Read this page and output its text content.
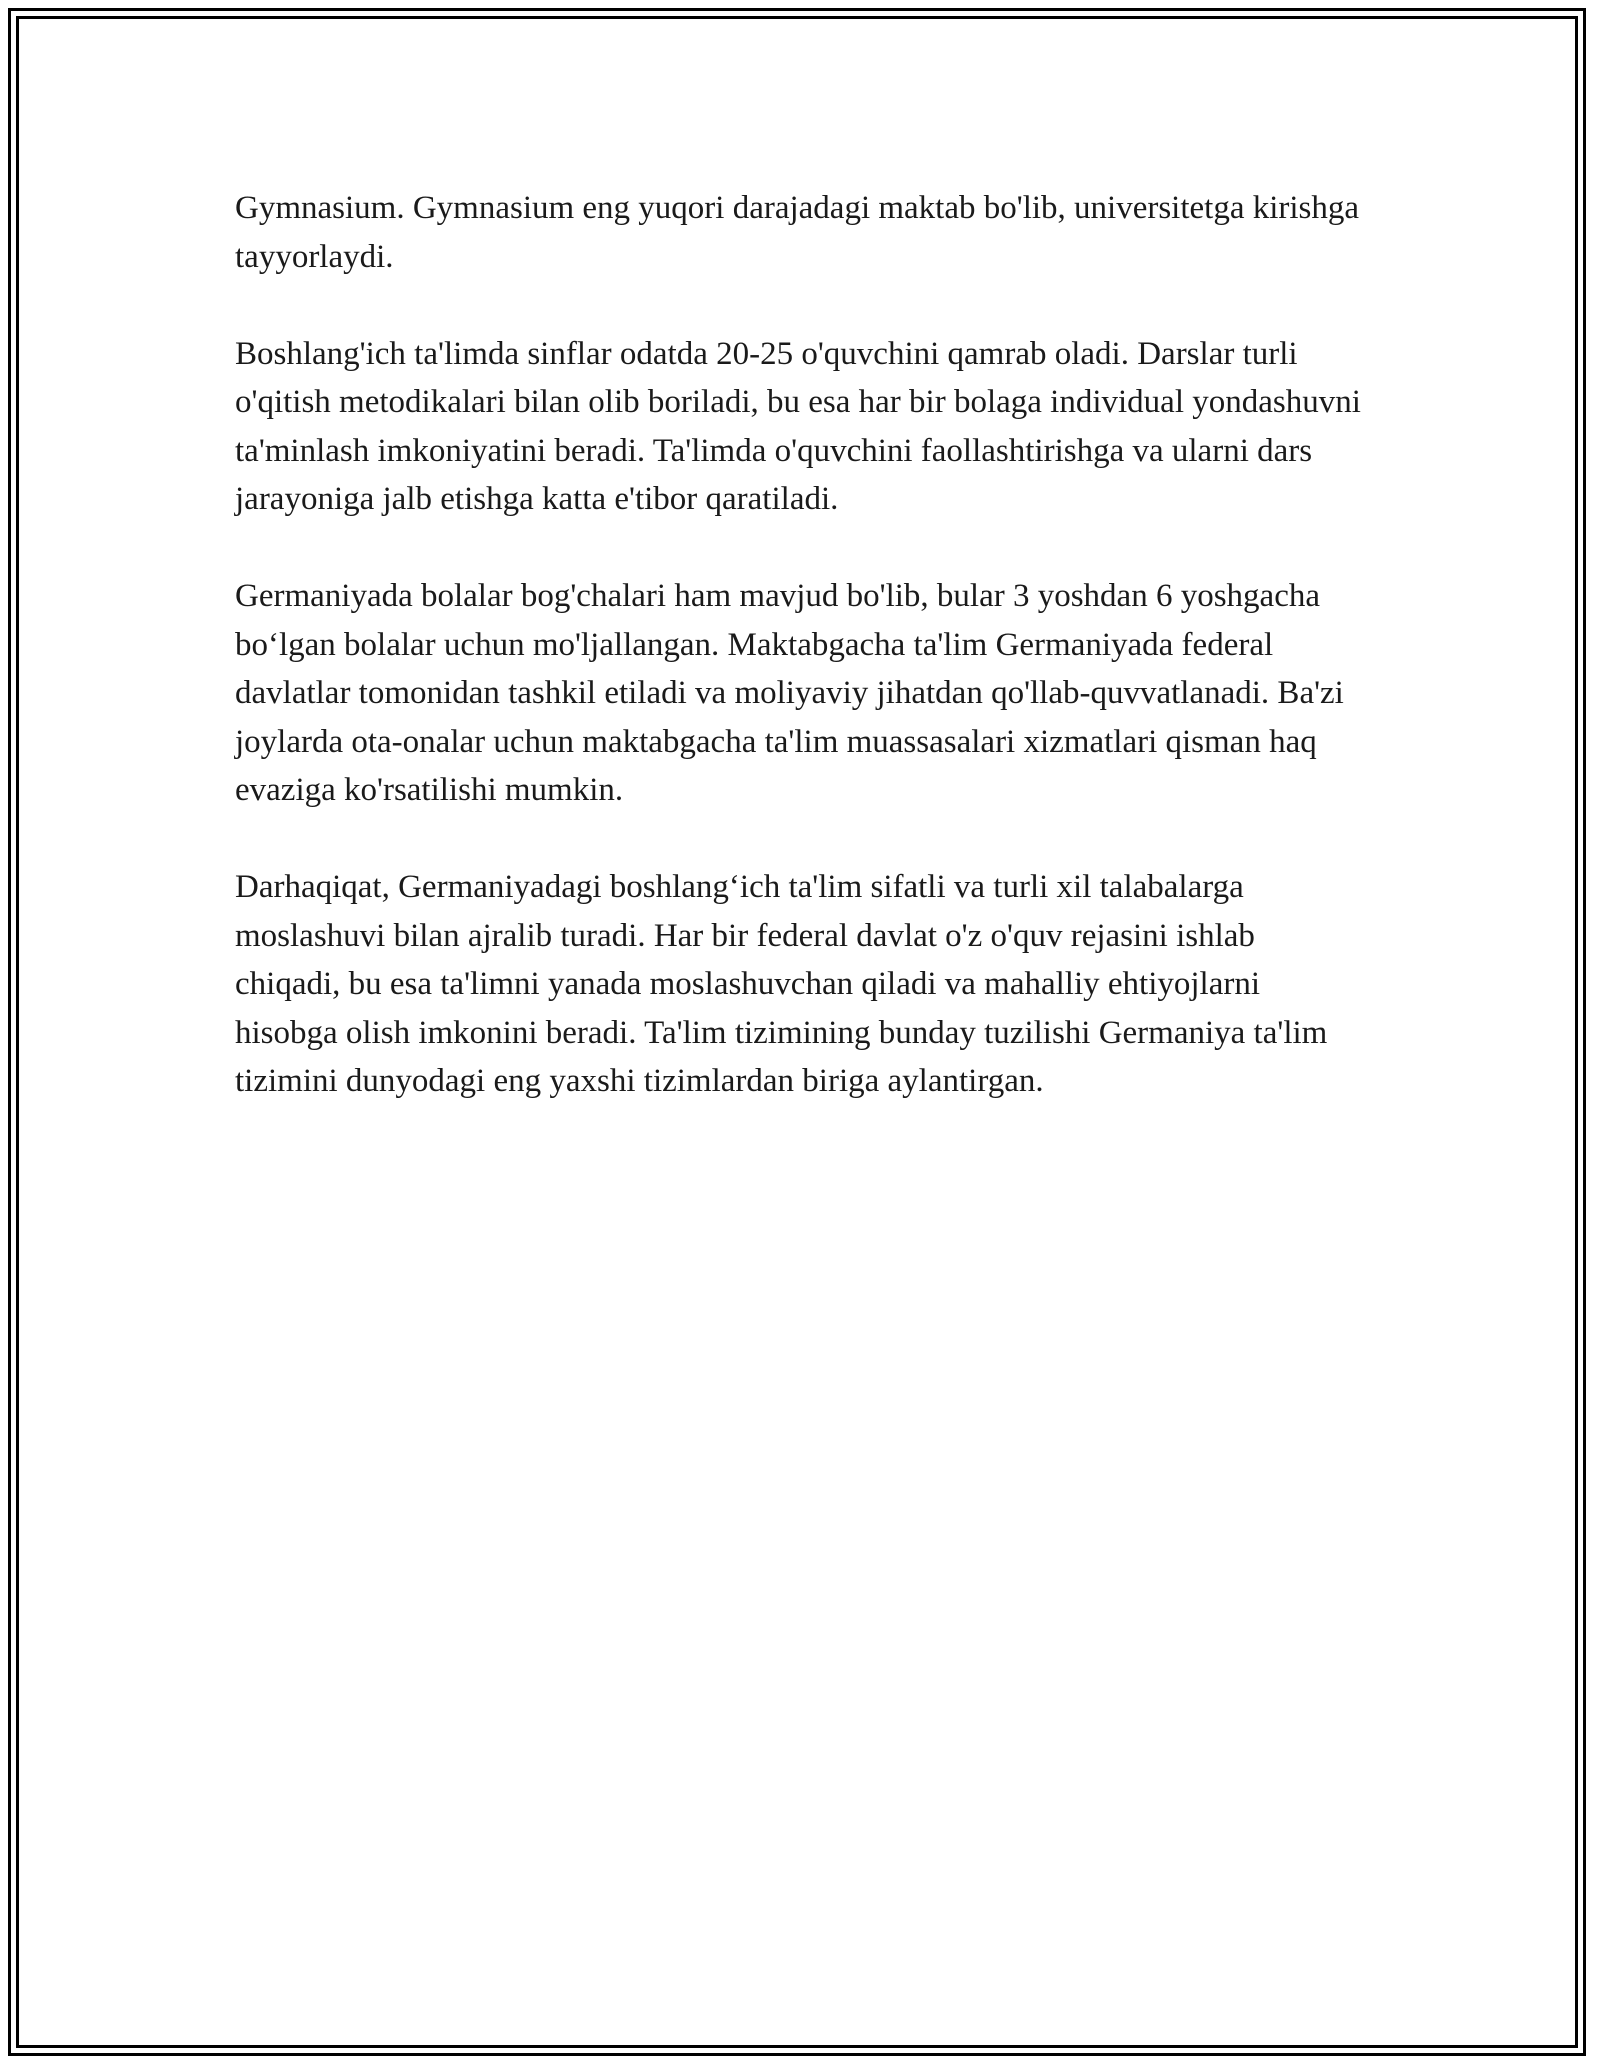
Gymnasium. Gymnasium eng yuqori darajadagi maktab bo'lib, universitetga kirishga tayyorlaydi.

Boshlang'ich ta'limda sinflar odatda 20-25 o'quvchini qamrab oladi. Darslar turli o'qitish metodikalari bilan olib boriladi, bu esa har bir bolaga individual yondashuvni ta'minlash imkoniyatini beradi. Ta'limda o'quvchini faollashtirishga va ularni dars jarayoniga jalb etishga katta e'tibor qaratiladi.

Germaniyada bolalar bog'chalari ham mavjud bo'lib, bular 3 yoshdan 6 yoshgacha bo‘lgan bolalar uchun mo'ljallangan. Maktabgacha ta'lim Germaniyada federal davlatlar tomonidan tashkil etiladi va moliyaviy jihatdan qo'llab-quvvatlanadi. Ba'zi joylarda ota-onalar uchun maktabgacha ta'lim muassasalari xizmatlari qisman haq evaziga ko'rsatilishi mumkin.

Darhaqiqat, Germaniyadagi boshlang‘ich ta'lim sifatli va turli xil talabalarga moslashuvi bilan ajralib turadi. Har bir federal davlat o'z o'quv rejasini ishlab chiqadi, bu esa ta'limni yanada moslashuvchan qiladi va mahalliy ehtiyojlarni hisobga olish imkonini beradi. Ta'lim tizimining bunday tuzilishi Germaniya ta'lim tizimini dunyodagi eng yaxshi tizimlardan biriga aylantirgan.
